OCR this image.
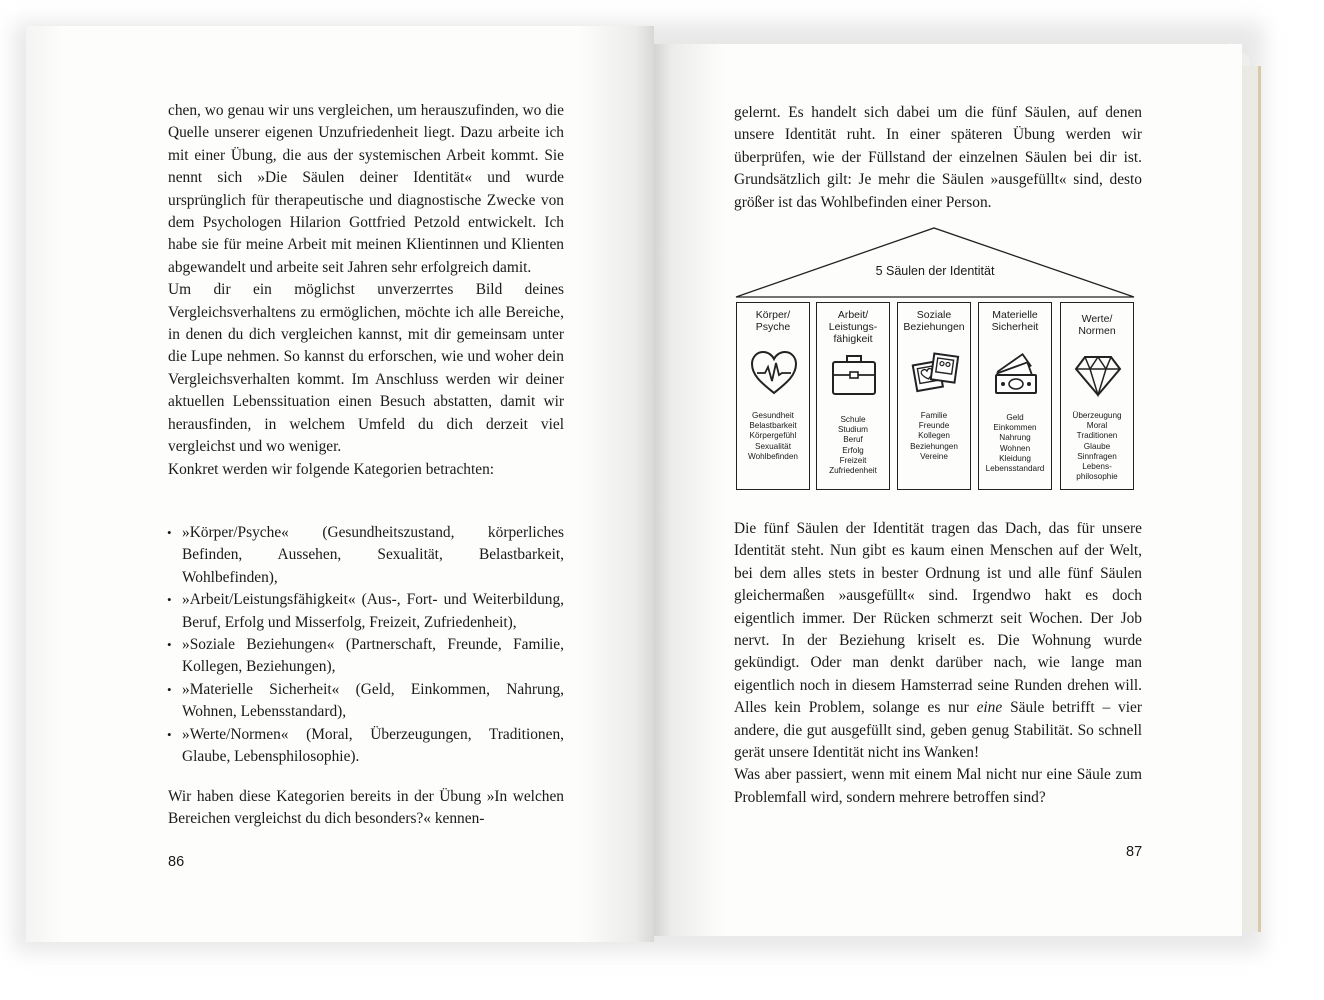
chen, wo genau wir uns vergleichen, um herauszufinden, wo die Quelle unserer eigenen Unzufriedenheit liegt. Dazu arbeite ich mit einer Übung, die aus der systemischen Arbeit kommt. Sie nennt sich »Die Säulen deiner Identität« und wurde ursprünglich für therapeutische und diagnostische Zwecke von dem Psychologen Hilarion Gottfried Petzold entwickelt. Ich habe sie für meine Arbeit mit meinen Klientinnen und Klienten abgewandelt und arbeite seit Jahren sehr erfolgreich damit.

Um dir ein möglichst unverzerrtes Bild deines Vergleichsverhaltens zu ermöglichen, möchte ich alle Bereiche, in denen du dich vergleichen kannst, mit dir gemeinsam unter die Lupe nehmen. So kannst du erforschen, wie und woher dein Vergleichsverhalten kommt. Im Anschluss werden wir deiner aktuellen Lebenssituation einen Besuch abstatten, damit wir herausfinden, in welchem Umfeld du dich derzeit viel vergleichst und wo weniger.

Konkret werden wir folgende Kategorien betrachten:

• »Körper/Psyche« (Gesundheitszustand, körperliches Befinden, Aussehen, Sexualität, Belastbarkeit, Wohlbefinden),
• »Arbeit/Leistungsfähigkeit« (Aus-, Fort- und Weiterbildung, Beruf, Erfolg und Misserfolg, Freizeit, Zufriedenheit),
• »Soziale Beziehungen« (Partnerschaft, Freunde, Familie, Kollegen, Beziehungen),
• »Materielle Sicherheit« (Geld, Einkommen, Nahrung, Wohnen, Lebensstandard),
• »Werte/Normen« (Moral, Überzeugungen, Traditionen, Glaube, Lebensphilosophie).

Wir haben diese Kategorien bereits in der Übung »In welchen Bereichen vergleichst du dich besonders?« kennen-

86

gelernt. Es handelt sich dabei um die fünf Säulen, auf denen unsere Identität ruht. In einer späteren Übung werden wir überprüfen, wie der Füllstand der einzelnen Säulen bei dir ist. Grundsätzlich gilt: Je mehr die Säulen »ausgefüllt« sind, desto größer ist das Wohlbefinden einer Person.

5 Säulen der Identität
Körper/
Psyche
Gesundheit
Belastbarkeit
Körpergefühl
Sexualität
Wohlbefinden
Arbeit/
Leistungs-
fähigkeit
Schule
Studium
Beruf
Erfolg
Freizeit
Zufriedenheit
Soziale
Beziehungen
Familie
Freunde
Kollegen
Beziehungen
Vereine
Materielle
Sicherheit
Geld
Einkommen
Nahrung
Wohnen
Kleidung
Lebensstandard
Werte/
Normen
Überzeugung
Moral
Traditionen
Glaube
Sinnfragen
Lebens-
philosophie

Die fünf Säulen der Identität tragen das Dach, das für unsere Identität steht. Nun gibt es kaum einen Menschen auf der Welt, bei dem alles stets in bester Ordnung ist und alle fünf Säulen gleichermaßen »ausgefüllt« sind. Irgendwo hakt es doch eigentlich immer. Der Rücken schmerzt seit Wochen. Der Job nervt. In der Beziehung kriselt es. Die Wohnung wurde gekündigt. Oder man denkt darüber nach, wie lange man eigentlich noch in diesem Hamsterrad seine Runden drehen will. Alles kein Problem, solange es nur eine Säule betrifft – vier andere, die gut ausgefüllt sind, geben genug Stabilität. So schnell gerät unsere Identität nicht ins Wanken!

Was aber passiert, wenn mit einem Mal nicht nur eine Säule zum Problemfall wird, sondern mehrere betroffen sind?

87
